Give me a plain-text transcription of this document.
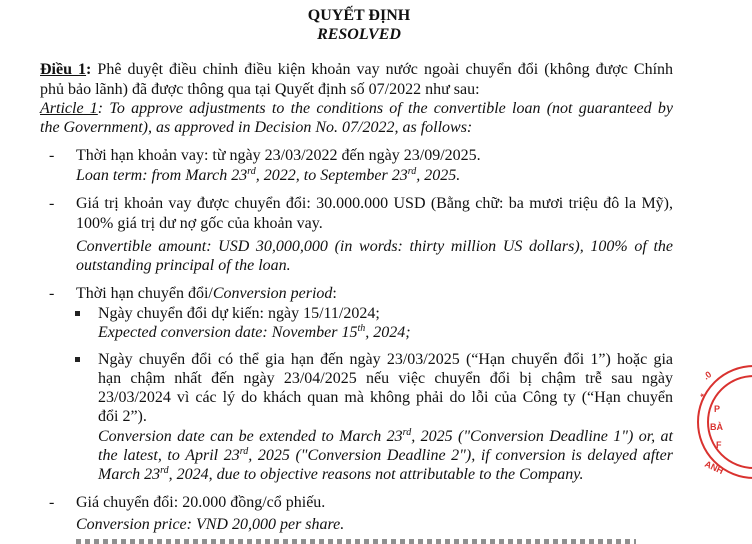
QUYẾT ĐỊNH
RESOLVED
Điều 1: Phê duyệt điều chỉnh điều kiện khoản vay nước ngoài chuyển đổi (không được Chính
phủ bảo lãnh) đã được thông qua tại Quyết định số 07/2022 như sau:
Article 1: To approve adjustments to the conditions of the convertible loan (not guaranteed by
the Government), as approved in Decision No. 07/2022, as follows:
- Thời hạn khoản vay: từ ngày 23/03/2022 đến ngày 23/09/2025.
Loan term: from March 23rd, 2022, to September 23rd, 2025.
- Giá trị khoản vay được chuyển đổi: 30.000.000 USD (Bằng chữ: ba mươi triệu đô la Mỹ),
100% giá trị dư nợ gốc của khoản vay.
Convertible amount: USD 30,000,000 (in words: thirty million US dollars), 100% of the
outstanding principal of the loan.
- Thời hạn chuyển đổi/Conversion period:
Ngày chuyển đổi dự kiến: ngày 15/11/2024;
Expected conversion date: November 15th, 2024;
Ngày chuyển đổi có thể gia hạn đến ngày 23/03/2025 (“Hạn chuyển đổi 1”) hoặc gia
hạn chậm nhất đến ngày 23/04/2025 nếu việc chuyển đổi bị chậm trễ sau ngày
23/03/2024 vì các lý do khách quan mà không phải do lỗi của Công ty (“Hạn chuyển
đổi 2”).
Conversion date can be extended to March 23rd, 2025 ("Conversion Deadline 1") or, at
the latest, to April 23rd, 2025 ("Conversion Deadline 2"), if conversion is delayed after
March 23rd, 2024, due to objective reasons not attributable to the Company.
- Giá chuyển đổi: 20.000 đồng/cổ phiếu.
Conversion price: VND 20,000 per share.
.0
*
P
BÀ
F
ANH
